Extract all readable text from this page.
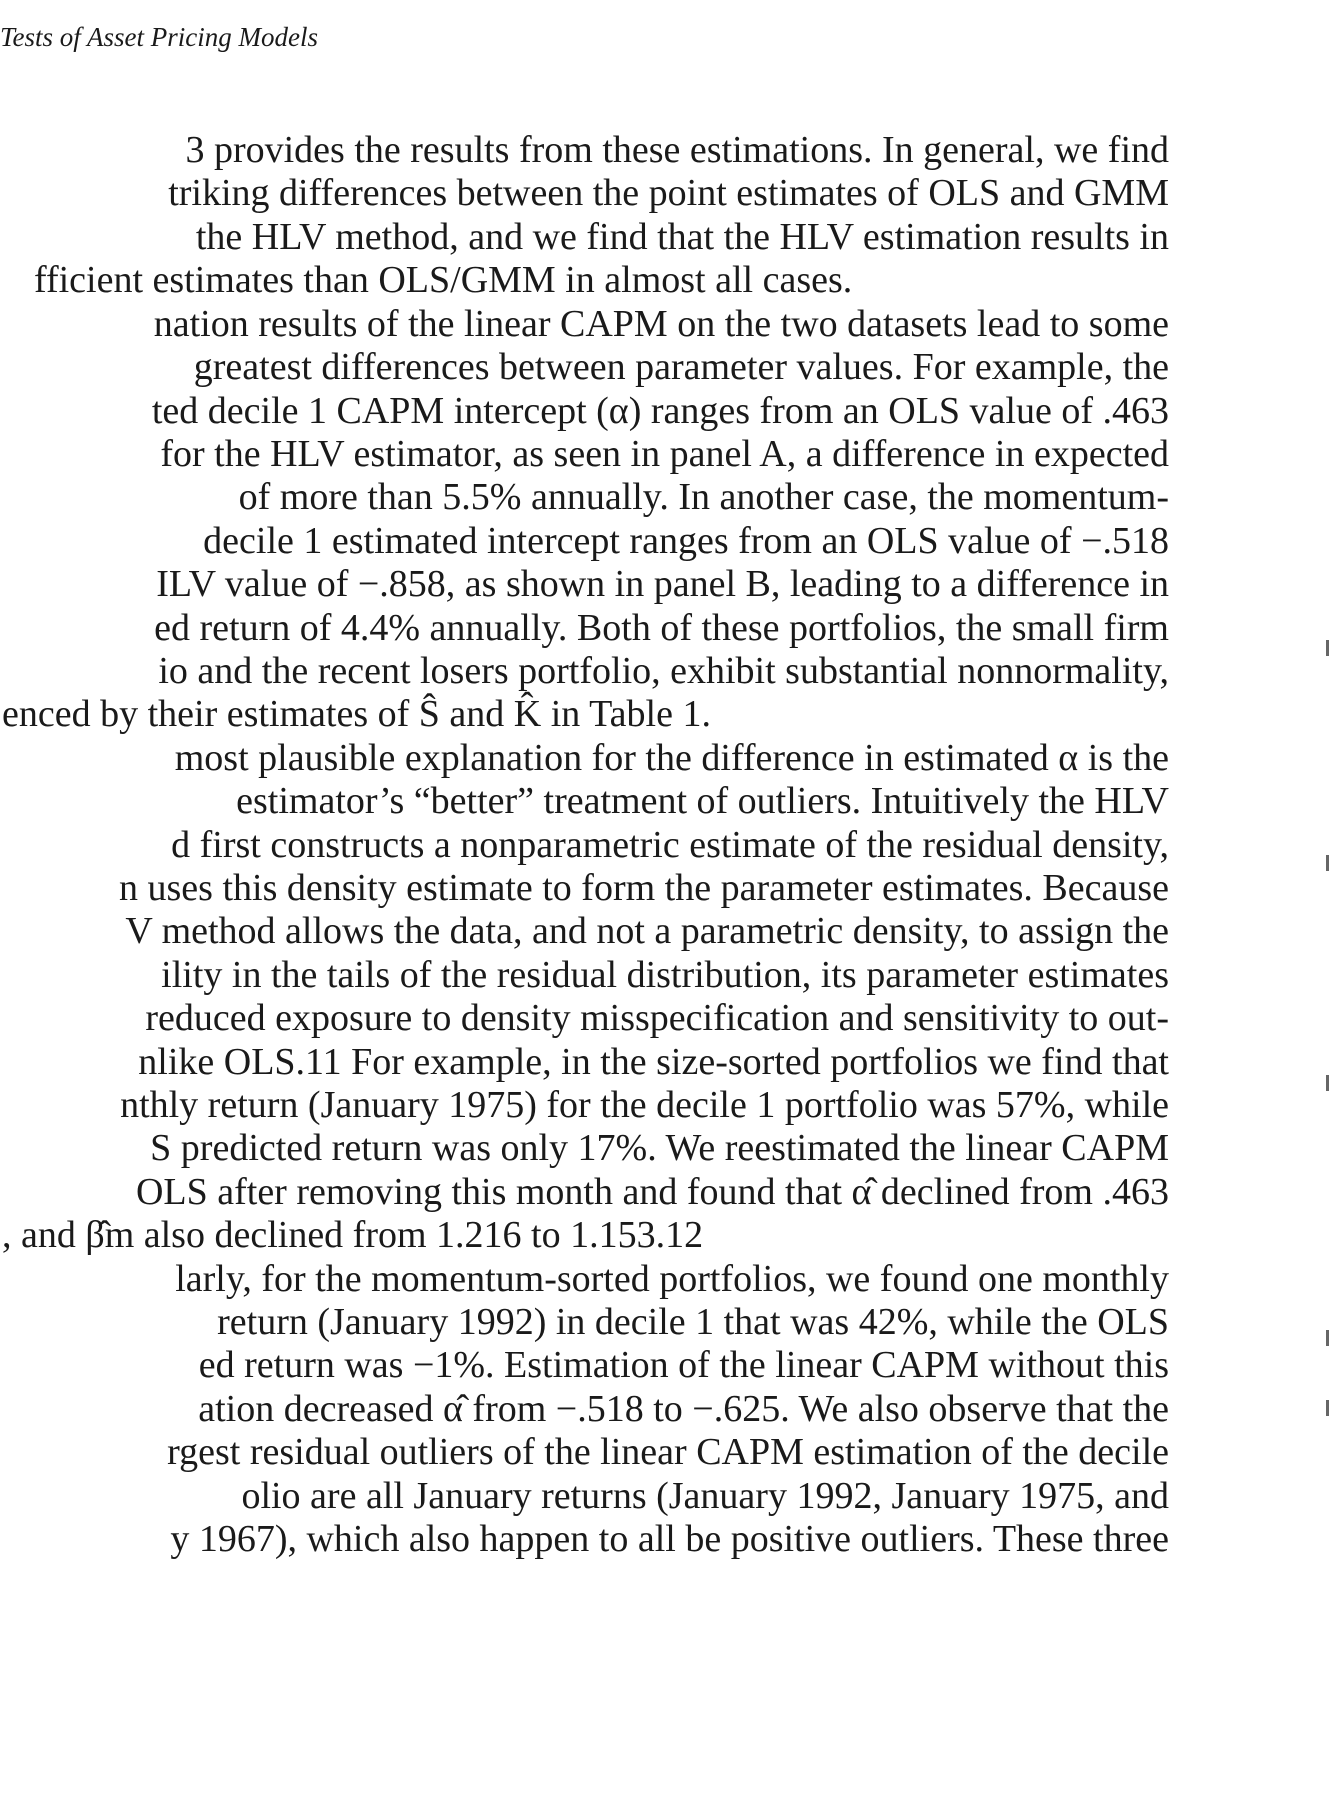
Tests of Asset Pricing Models
3 provides the results from these estimations. In general, we find
triking differences between the point estimates of OLS and GMM
the HLV method, and we find that the HLV estimation results in
fficient estimates than OLS/GMM in almost all cases.
nation results of the linear CAPM on the two datasets lead to some
greatest differences between parameter values. For example, the
ted decile 1 CAPM intercept (α) ranges from an OLS value of .463
for the HLV estimator, as seen in panel A, a difference in expected
of more than 5.5% annually. In another case, the momentum-
decile 1 estimated intercept ranges from an OLS value of −.518
ILV value of −.858, as shown in panel B, leading to a difference in
ed return of 4.4% annually. Both of these portfolios, the small firm
io and the recent losers portfolio, exhibit substantial nonnormality,
enced by their estimates of Ŝ and K̂ in Table 1.
most plausible explanation for the difference in estimated α is the
estimator’s “better” treatment of outliers. Intuitively the HLV
d first constructs a nonparametric estimate of the residual density,
n uses this density estimate to form the parameter estimates. Because
V method allows the data, and not a parametric density, to assign the
ility in the tails of the residual distribution, its parameter estimates
reduced exposure to density misspecification and sensitivity to out-
nlike OLS.11 For example, in the size-sorted portfolios we find that
nthly return (January 1975) for the decile 1 portfolio was 57%, while
S predicted return was only 17%. We reestimated the linear CAPM
OLS after removing this month and found that α̂ declined from .463
, and β̂m also declined from 1.216 to 1.153.12
larly, for the momentum-sorted portfolios, we found one monthly
return (January 1992) in decile 1 that was 42%, while the OLS
ed return was −1%. Estimation of the linear CAPM without this
ation decreased α̂ from −.518 to −.625. We also observe that the
rgest residual outliers of the linear CAPM estimation of the decile
olio are all January returns (January 1992, January 1975, and
y 1967), which also happen to all be positive outliers. These three
